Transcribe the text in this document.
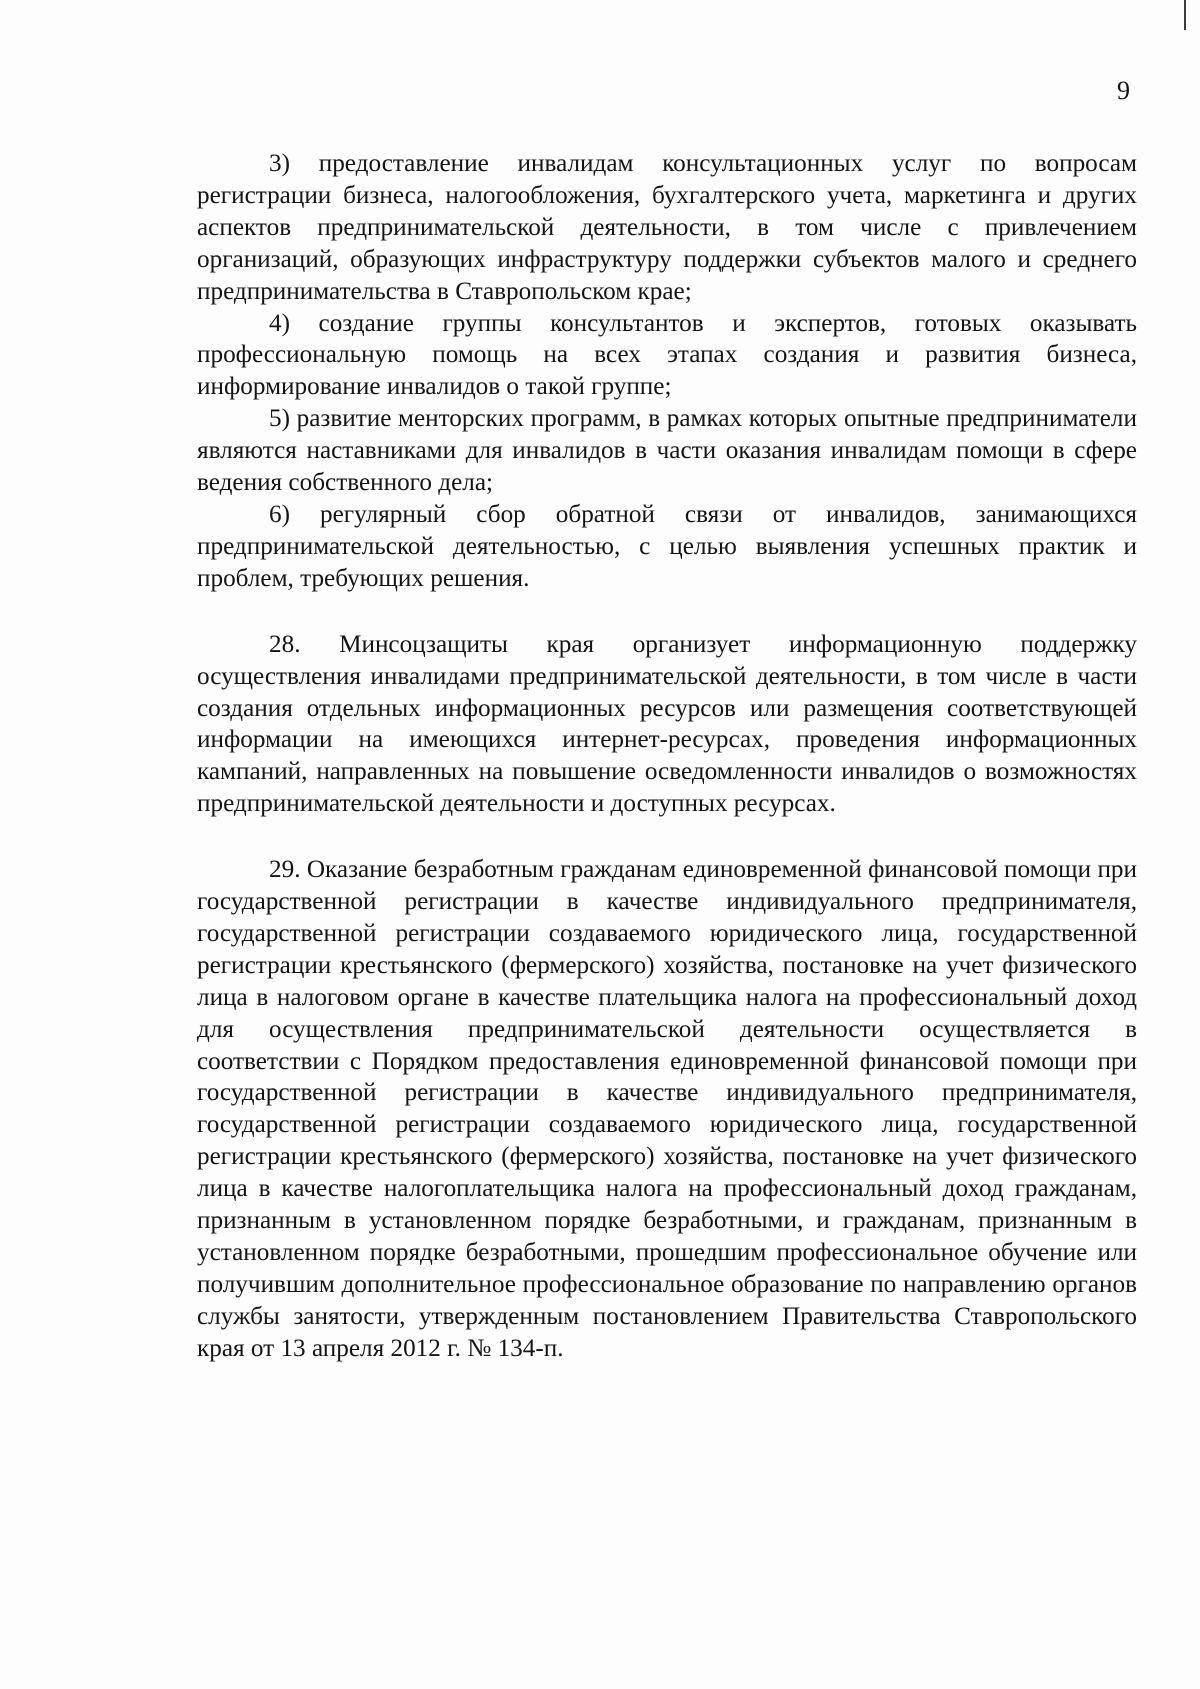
9

3) предоставление инвалидам консультационных услуг по вопросам регистрации бизнеса, налогообложения, бухгалтерского учета, маркетинга и других аспектов предпринимательской деятельности, в том числе с привлечением организаций, образующих инфраструктуру поддержки субъектов малого и среднего предпринимательства в Ставропольском крае;

4) создание группы консультантов и экспертов, готовых оказывать профессиональную помощь на всех этапах создания и развития бизнеса, информирование инвалидов о такой группе;

5) развитие менторских программ, в рамках которых опытные предприниматели являются наставниками для инвалидов в части оказания инвалидам помощи в сфере ведения собственного дела;

6) регулярный сбор обратной связи от инвалидов, занимающихся предпринимательской деятельностью, с целью выявления успешных практик и проблем, требующих решения.

28. Минсоцзащиты края организует информационную поддержку осуществления инвалидами предпринимательской деятельности, в том числе в части создания отдельных информационных ресурсов или размещения соответствующей информации на имеющихся интернет-ресурсах, проведения информационных кампаний, направленных на повышение осведомленности инвалидов о возможностях предпринимательской деятельности и доступных ресурсах.

29. Оказание безработным гражданам единовременной финансовой помощи при государственной регистрации в качестве индивидуального предпринимателя, государственной регистрации создаваемого юридического лица, государственной регистрации крестьянского (фермерского) хозяйства, постановке на учет физического лица в налоговом органе в качестве плательщика налога на профессиональный доход для осуществления предпринимательской деятельности осуществляется в соответствии с Порядком предоставления единовременной финансовой помощи при государственной регистрации в качестве индивидуального предпринимателя, государственной регистрации создаваемого юридического лица, государственной регистрации крестьянского (фермерского) хозяйства, постановке на учет физического лица в качестве налогоплательщика налога на профессиональный доход гражданам, признанным в установленном порядке безработными, и гражданам, признанным в установленном порядке безработными, прошедшим профессиональное обучение или получившим дополнительное профессиональное образование по направлению органов службы занятости, утвержденным постановлением Правительства Ставропольского края от 13 апреля 2012 г. № 134-п.
